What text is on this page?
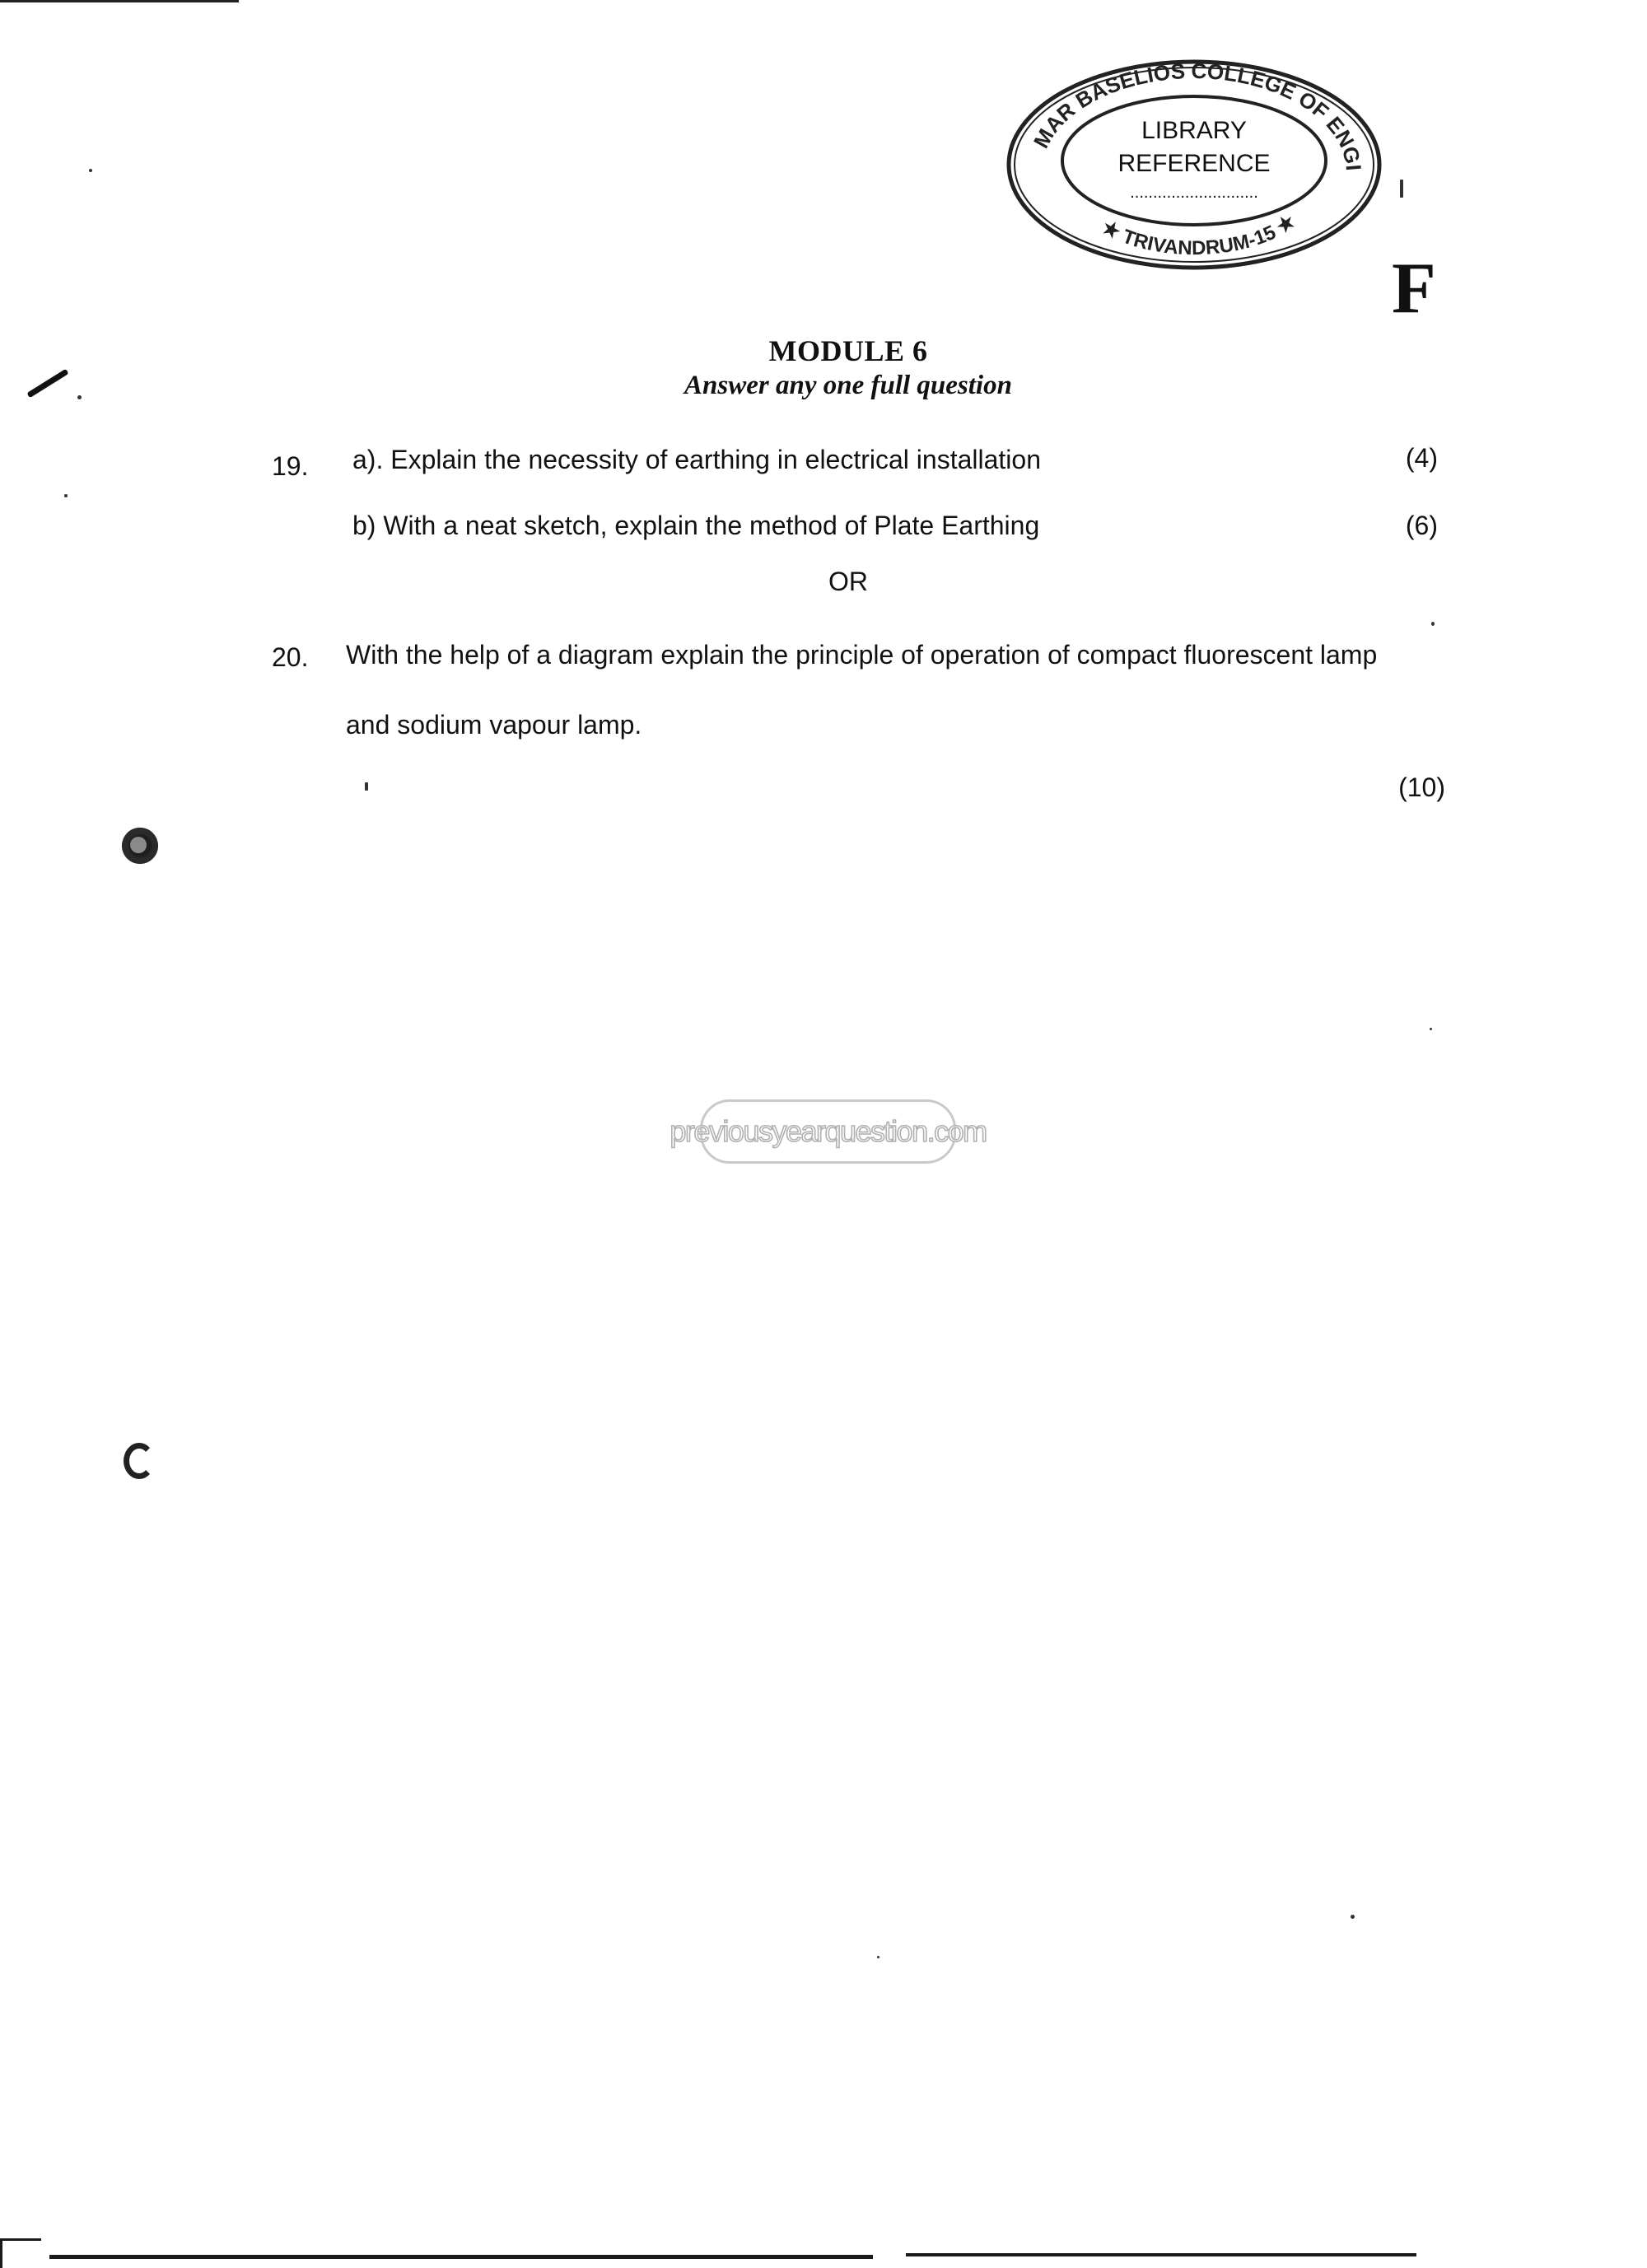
MAR BASELIOS COLLEGE OF ENGI
LIBRARY
REFERENCE
............................
★ TRIVANDRUM-15 ★
F
MODULE 6
Answer any one full question
19. a). Explain the necessity of earthing in electrical installation	(4)
b) With a neat sketch, explain the method of Plate Earthing	(6)
OR
20. With the help of a diagram explain the principle of operation of compact fluorescent lamp
and sodium vapour lamp.
(10)
previousyearquestion.com
